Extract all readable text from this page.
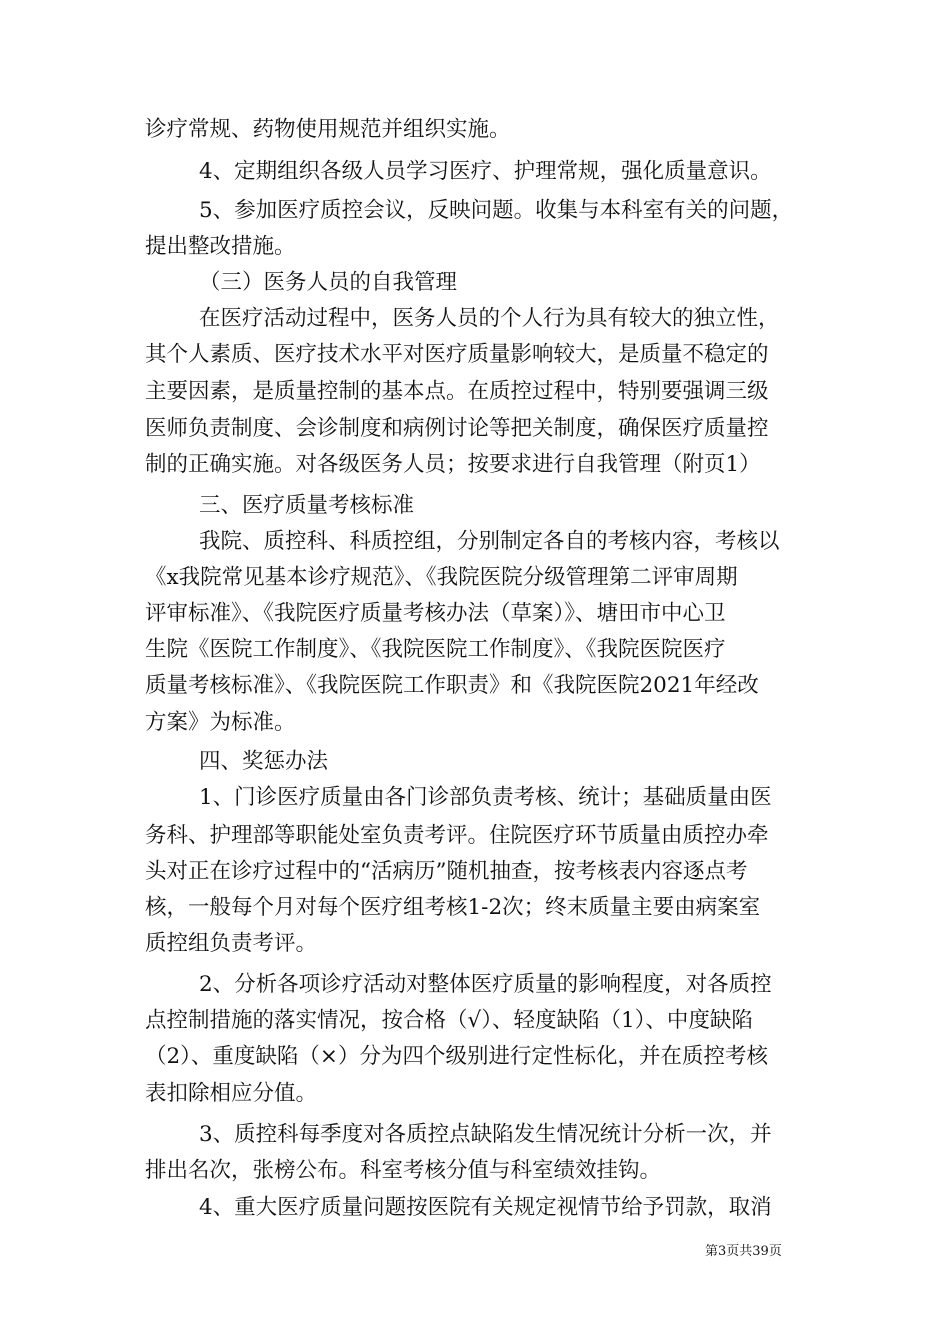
诊疗常规、药物使用规范并组织实施。
4、定期组织各级人员学习医疗、护理常规，强化质量意识。
5、参加医疗质控会议，反映问题。收集与本科室有关的问题，
提出整改措施。
（三）医务人员的自我管理
在医疗活动过程中，医务人员的个人行为具有较大的独立性，
其个人素质、医疗技术水平对医疗质量影响较大，是质量不稳定的
主要因素，是质量控制的基本点。在质控过程中，特别要强调三级
医师负责制度、会诊制度和病例讨论等把关制度，确保医疗质量控
制的正确实施。对各级医务人员；按要求进行自我管理（附页1）
三、医疗质量考核标准
我院、质控科、科质控组，分别制定各自的考核内容，考核以
《x我院常见基本诊疗规范》、《我院医院分级管理第二评审周期
评审标准》、《我院医疗质量考核办法（草案）》、塘田市中心卫
生院《医院工作制度》、《我院医院工作制度》、《我院医院医疗
质量考核标准》、《我院医院工作职责》和《我院医院2021年经改
方案》为标准。
四、奖惩办法
1、门诊医疗质量由各门诊部负责考核、统计；基础质量由医
务科、护理部等职能处室负责考评。住院医疗环节质量由质控办牵
头对正在诊疗过程中的“活病历”随机抽查，按考核表内容逐点考
核，一般每个月对每个医疗组考核1-2次；终末质量主要由病案室
质控组负责考评。
2、分析各项诊疗活动对整体医疗质量的影响程度，对各质控
点控制措施的落实情况，按合格（√）、轻度缺陷（1）、中度缺陷
（2）、重度缺陷（×）分为四个级别进行定性标化，并在质控考核
表扣除相应分值。
3、质控科每季度对各质控点缺陷发生情况统计分析一次，并
排出名次，张榜公布。科室考核分值与科室绩效挂钩。
4、重大医疗质量问题按医院有关规定视情节给予罚款，取消
第3页共39页
